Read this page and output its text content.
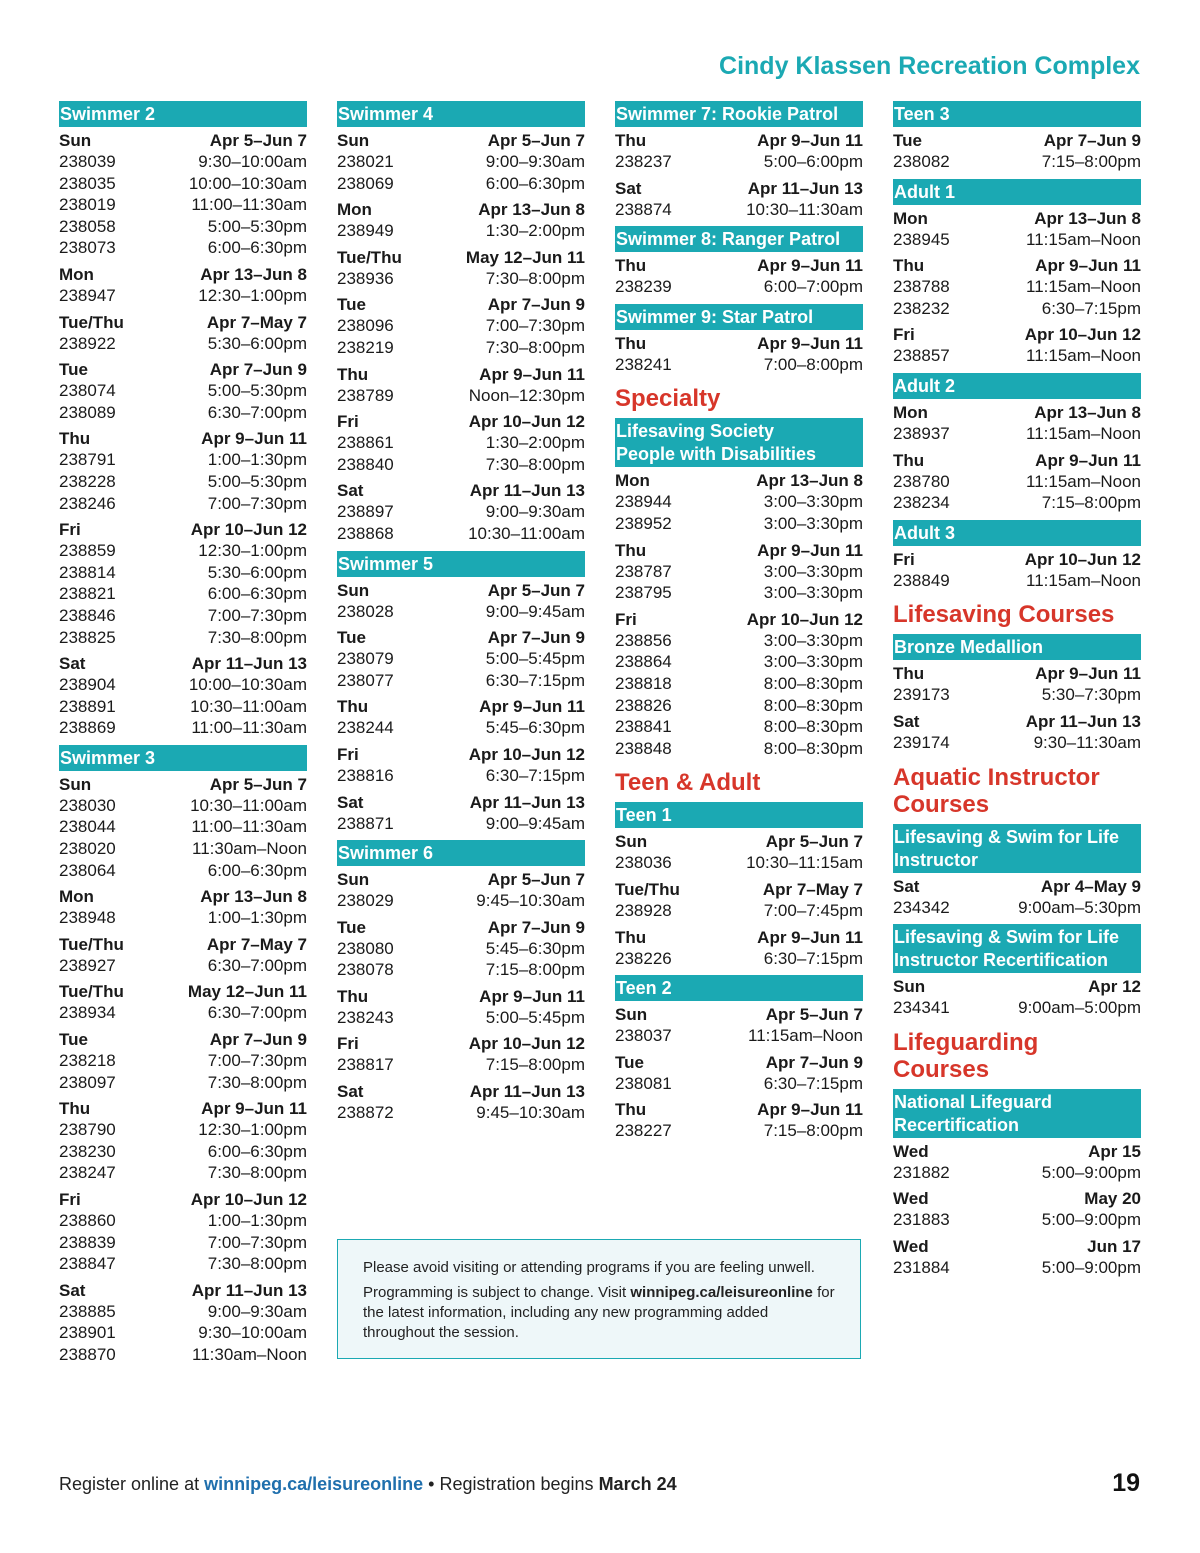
Cindy Klassen Recreation Complex
Swimmer 2
Sun	Apr 5–Jun 7
238039	9:30–10:00am
238035	10:00–10:30am
238019	11:00–11:30am
238058	5:00–5:30pm
238073	6:00–6:30pm
Mon	Apr 13–Jun 8
238947	12:30–1:00pm
Tue/Thu	Apr 7–May 7
238922	5:30–6:00pm
Tue	Apr 7–Jun 9
238074	5:00–5:30pm
238089	6:30–7:00pm
Thu	Apr 9–Jun 11
238791	1:00–1:30pm
238228	5:00–5:30pm
238246	7:00–7:30pm
Fri	Apr 10–Jun 12
238859	12:30–1:00pm
238814	5:30–6:00pm
238821	6:00–6:30pm
238846	7:00–7:30pm
238825	7:30–8:00pm
Sat	Apr 11–Jun 13
238904	10:00–10:30am
238891	10:30–11:00am
238869	11:00–11:30am
Swimmer 3
Sun	Apr 5–Jun 7
238030	10:30–11:00am
238044	11:00–11:30am
238020	11:30am–Noon
238064	6:00–6:30pm
Mon	Apr 13–Jun 8
238948	1:00–1:30pm
Tue/Thu	Apr 7–May 7
238927	6:30–7:00pm
Tue/Thu	May 12–Jun 11
238934	6:30–7:00pm
Tue	Apr 7–Jun 9
238218	7:00–7:30pm
238097	7:30–8:00pm
Thu	Apr 9–Jun 11
238790	12:30–1:00pm
238230	6:00–6:30pm
238247	7:30–8:00pm
Fri	Apr 10–Jun 12
238860	1:00–1:30pm
238839	7:00–7:30pm
238847	7:30–8:00pm
Sat	Apr 11–Jun 13
238885	9:00–9:30am
238901	9:30–10:00am
238870	11:30am–Noon
Swimmer 4
Sun	Apr 5–Jun 7
238021	9:00–9:30am
238069	6:00–6:30pm
Mon	Apr 13–Jun 8
238949	1:30–2:00pm
Tue/Thu	May 12–Jun 11
238936	7:30–8:00pm
Tue	Apr 7–Jun 9
238096	7:00–7:30pm
238219	7:30–8:00pm
Thu	Apr 9–Jun 11
238789	Noon–12:30pm
Fri	Apr 10–Jun 12
238861	1:30–2:00pm
238840	7:30–8:00pm
Sat	Apr 11–Jun 13
238897	9:00–9:30am
238868	10:30–11:00am
Swimmer 5
Sun	Apr 5–Jun 7
238028	9:00–9:45am
Tue	Apr 7–Jun 9
238079	5:00–5:45pm
238077	6:30–7:15pm
Thu	Apr 9–Jun 11
238244	5:45–6:30pm
Fri	Apr 10–Jun 12
238816	6:30–7:15pm
Sat	Apr 11–Jun 13
238871	9:00–9:45am
Swimmer 6
Sun	Apr 5–Jun 7
238029	9:45–10:30am
Tue	Apr 7–Jun 9
238080	5:45–6:30pm
238078	7:15–8:00pm
Thu	Apr 9–Jun 11
238243	5:00–5:45pm
Fri	Apr 10–Jun 12
238817	7:15–8:00pm
Sat	Apr 11–Jun 13
238872	9:45–10:30am
Swimmer 7: Rookie Patrol
Thu	Apr 9–Jun 11
238237	5:00–6:00pm
Sat	Apr 11–Jun 13
238874	10:30–11:30am
Swimmer 8: Ranger Patrol
Thu	Apr 9–Jun 11
238239	6:00–7:00pm
Swimmer 9: Star Patrol
Thu	Apr 9–Jun 11
238241	7:00–8:00pm
Specialty
Lifesaving Society
People with Disabilities
Mon	Apr 13–Jun 8
238944	3:00–3:30pm
238952	3:00–3:30pm
Thu	Apr 9–Jun 11
238787	3:00–3:30pm
238795	3:00–3:30pm
Fri	Apr 10–Jun 12
238856	3:00–3:30pm
238864	3:00–3:30pm
238818	8:00–8:30pm
238826	8:00–8:30pm
238841	8:00–8:30pm
238848	8:00–8:30pm
Teen & Adult
Teen 1
Sun	Apr 5–Jun 7
238036	10:30–11:15am
Tue/Thu	Apr 7–May 7
238928	7:00–7:45pm
Thu	Apr 9–Jun 11
238226	6:30–7:15pm
Teen 2
Sun	Apr 5–Jun 7
238037	11:15am–Noon
Tue	Apr 7–Jun 9
238081	6:30–7:15pm
Thu	Apr 9–Jun 11
238227	7:15–8:00pm
Teen 3
Tue	Apr 7–Jun 9
238082	7:15–8:00pm
Adult 1
Mon	Apr 13–Jun 8
238945	11:15am–Noon
Thu	Apr 9–Jun 11
238788	11:15am–Noon
238232	6:30–7:15pm
Fri	Apr 10–Jun 12
238857	11:15am–Noon
Adult 2
Mon	Apr 13–Jun 8
238937	11:15am–Noon
Thu	Apr 9–Jun 11
238780	11:15am–Noon
238234	7:15–8:00pm
Adult 3
Fri	Apr 10–Jun 12
238849	11:15am–Noon
Lifesaving Courses
Bronze Medallion
Thu	Apr 9–Jun 11
239173	5:30–7:30pm
Sat	Apr 11–Jun 13
239174	9:30–11:30am
Aquatic Instructor
Courses
Lifesaving & Swim for Life
Instructor
Sat	Apr 4–May 9
234342	9:00am–5:30pm
Lifesaving & Swim for Life
Instructor Recertification
Sun	Apr 12
234341	9:00am–5:00pm
Lifeguarding Courses
National Lifeguard
Recertification
Wed	Apr 15
231882	5:00–9:00pm
Wed	May 20
231883	5:00–9:00pm
Wed	Jun 17
231884	5:00–9:00pm

Please avoid visiting or attending programs if you are feeling unwell.

Programming is subject to change. Visit winnipeg.ca/leisureonline for the latest information, including any new programming added throughout the session.

Register online at winnipeg.ca/leisureonline • Registration begins March 24	19
